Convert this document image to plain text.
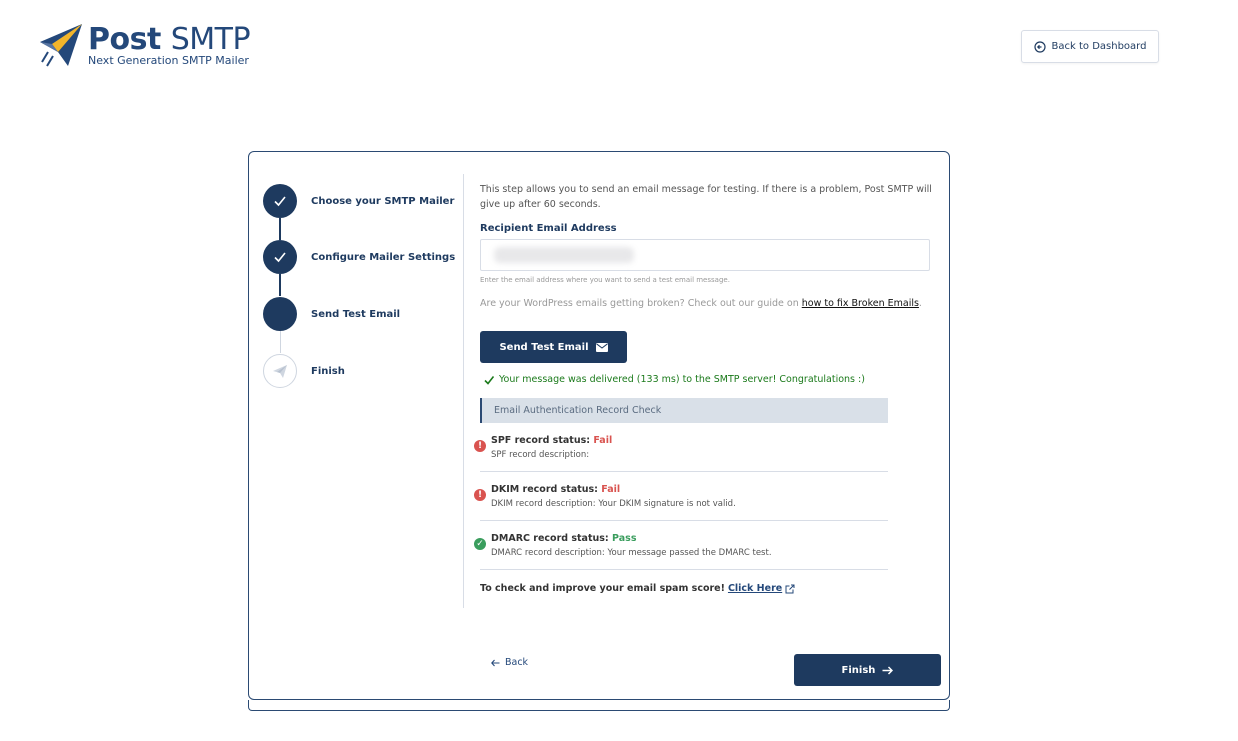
Post SMTP
Next Generation SMTP Mailer
Back to Dashboard
Choose your SMTP Mailer
Configure Mailer Settings
Send Test Email
Finish
This step allows you to send an email message for testing. If there is a problem, Post SMTP will give up after 60 seconds.
Recipient Email Address
Enter the email address where you want to send a test email message.
Are your WordPress emails getting broken? Check out our guide on how to fix Broken Emails.
Send Test Email
Your message was delivered (133 ms) to the SMTP server! Congratulations :)
Email Authentication Record Check
! SPF record status: Fail
SPF record description:
! DKIM record status: Fail
DKIM record description: Your DKIM signature is not valid.
✓ DMARC record status: Pass
DMARC record description: Your message passed the DMARC test.
To check and improve your email spam score! Click Here
Back
Finish
